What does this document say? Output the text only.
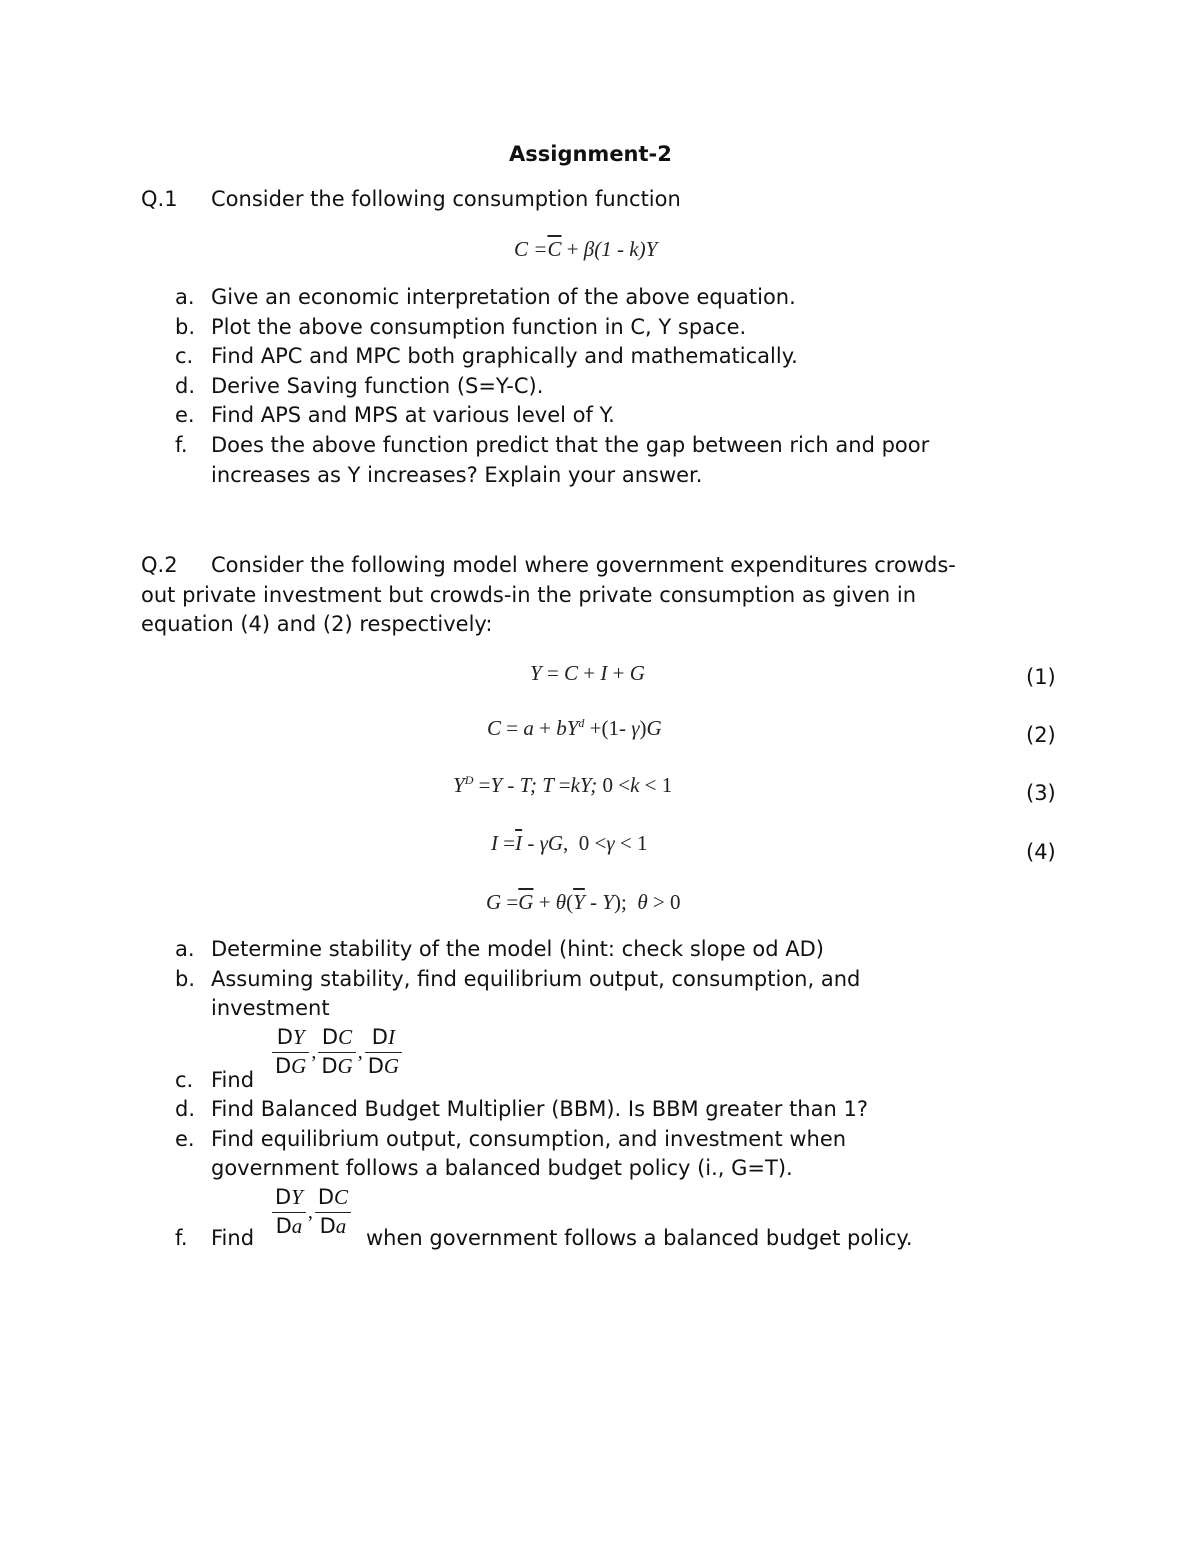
Assignment-2
Q.1 Consider the following consumption function
$C =\overline{C} + \beta(1 - k)Y$
a. Give an economic interpretation of the above equation.
b. Plot the above consumption function in C, Y space.
c. Find APC and MPC both graphically and mathematically.
d. Derive Saving function (S=Y-C).
e. Find APS and MPS at various level of Y.
f. Does the above function predict that the gap between rich and poor
increases as Y increases? Explain your answer.
Q.2 Consider the following model where government expenditures crowds-
out private investment but crowds-in the private consumption as given in
equation (4) and (2) respectively:
Y = C + I + G	(1)
$C = a + bY^d +(1-$ γ)G	(2)
$Y^D =Y - T$; T =kY; 0 <k < 1	(3)
$I =\overline{I} - \gamma G$, 0 <γ < 1	(4)
$G =\overline{G} + \theta(\overline{Y} - Y)$;  θ > 0
a. Determine stability of the model (hint: check slope od AD)
b. Assuming stability, find equilibrium output, consumption, and
investment
c. Find
$\frac{DY}{DG}$ , $\frac{DC}{DG}$ , $\frac{DI}{DG}$
d. Find Balanced Budget Multiplier (BBM). Is BBM greater than 1?
e. Find equilibrium output, consumption, and investment when
government follows a balanced budget policy (i., G=T).
f. Find $\frac{DY}{Da}$ , $\frac{DC}{Da}$ when government follows a balanced budget policy.
